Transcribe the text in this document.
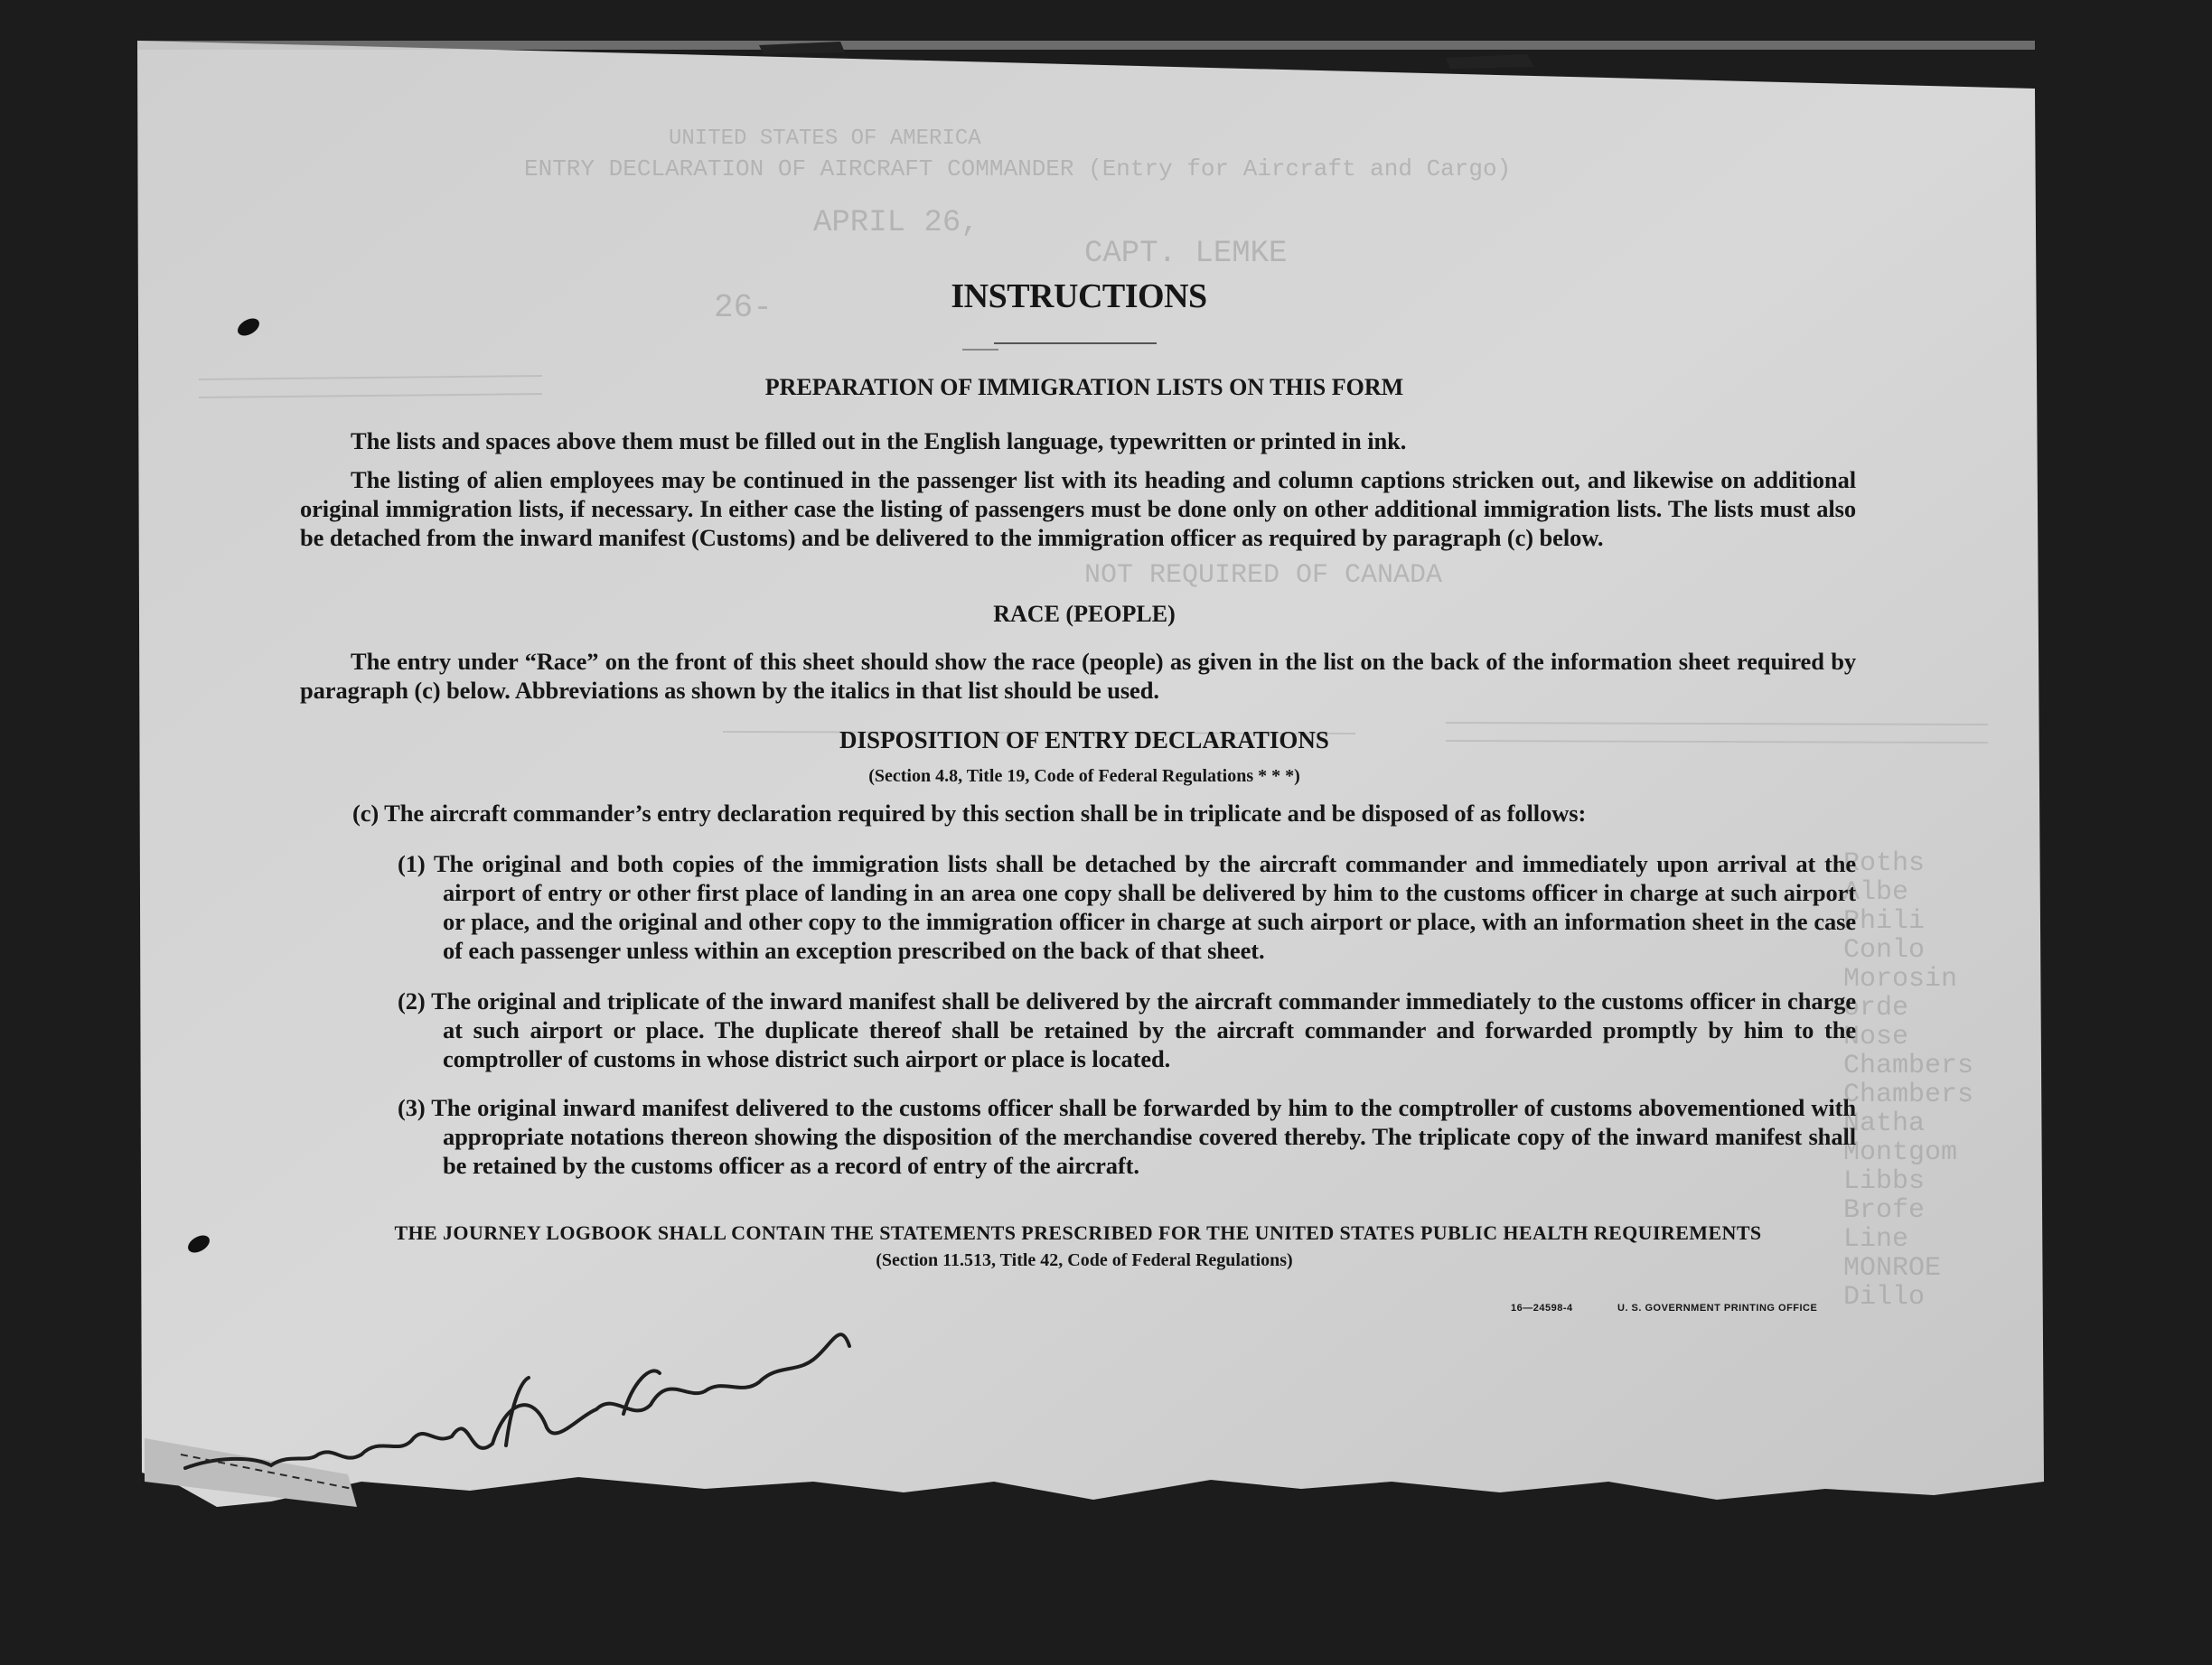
UNITED STATES OF AMERICA
ENTRY DECLARATION OF AIRCRAFT COMMANDER (Entry for Aircraft and Cargo)
APRIL 26,
CAPT. LEMKE
26-
NOT REQUIRED OF CANADA
Roths
Albe
Phili
Conlo
Morosin
orde
Nose
Chambers
Chambers
Natha
Montgom
Libbs
Brofe
Line
MONROE
Dillo
INSTRUCTIONS
PREPARATION OF IMMIGRATION LISTS ON THIS FORM
The lists and spaces above them must be filled out in the English language, typewritten or printed in ink.
The listing of alien employees may be continued in the passenger list with its heading and column captions stricken out, and likewise on additional original immigration lists, if necessary. In either case the listing of passengers must be done only on other additional immigration lists. The lists must also be detached from the inward manifest (Customs) and be delivered to the immigration officer as required by paragraph (c) below.
RACE (PEOPLE)
The entry under “Race” on the front of this sheet should show the race (people) as given in the list on the back of the information sheet required by paragraph (c) below. Abbreviations as shown by the italics in that list should be used.
DISPOSITION OF ENTRY DECLARATIONS
(Section 4.8, Title 19, Code of Federal Regulations * * *)
(c) The aircraft commander’s entry declaration required by this section shall be in triplicate and be disposed of as follows:
(1) The original and both copies of the immigration lists shall be detached by the aircraft commander and immediately upon arrival at the airport of entry or other first place of landing in an area one copy shall be delivered by him to the customs officer in charge at such airport or place, and the original and other copy to the immigration officer in charge at such airport or place, with an information sheet in the case of each passenger unless within an exception prescribed on the back of that sheet.
(2) The original and triplicate of the inward manifest shall be delivered by the aircraft commander immediately to the customs officer in charge at such airport or place. The duplicate thereof shall be retained by the aircraft commander and forwarded promptly by him to the comptroller of customs in whose district such airport or place is located.
(3) The original inward manifest delivered to the customs officer shall be forwarded by him to the comptroller of customs abovementioned with appropriate notations thereon showing the disposition of the merchandise covered thereby. The triplicate copy of the inward manifest shall be retained by the customs officer as a record of entry of the aircraft.
THE JOURNEY LOGBOOK SHALL CONTAIN THE STATEMENTS PRESCRIBED FOR THE UNITED STATES PUBLIC HEALTH REQUIREMENTS
(Section 11.513, Title 42, Code of Federal Regulations)
16—24598-4	U. S. GOVERNMENT PRINTING OFFICE
